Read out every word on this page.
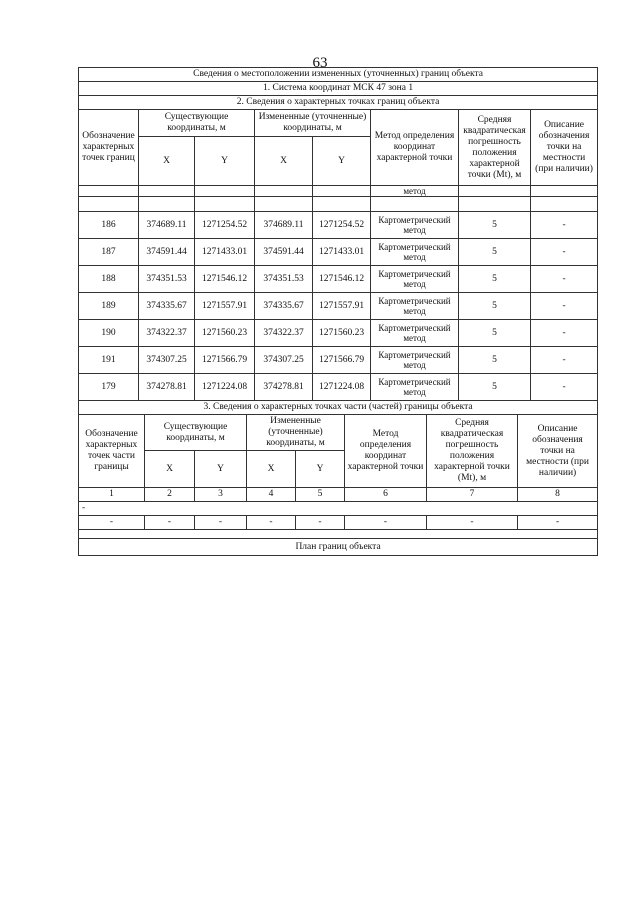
63
Сведения о местоположении измененных (уточненных) границ объекта							
1. Система координат МСК 47 зона 1							
2. Сведения о характерных точках границ объекта							
Обозначение характерных точек границ	Существующие координаты, м		Измененные (уточненные) координаты, м		Метод определения координат характерной точки	Средняя квадратическая погрешность положения характерной точки (Mt), м	Описание обозначения точки на местности (при наличии)
	X	Y	X	Y			
					метод		

186	374689.11	1271254.52	374689.11	1271254.52	Картометрический метод	5	-
187	374591.44	1271433.01	374591.44	1271433.01	Картометрический метод	5	-
188	374351.53	1271546.12	374351.53	1271546.12	Картометрический метод	5	-
189	374335.67	1271557.91	374335.67	1271557.91	Картометрический метод	5	-
190	374322.37	1271560.23	374322.37	1271560.23	Картометрический метод	5	-
191	374307.25	1271566.79	374307.25	1271566.79	Картометрический метод	5	-
179	374278.81	1271224.08	374278.81	1271224.08	Картометрический метод	5	-
3. Сведения о характерных точках части (частей) границы объекта							
Обозначение характерных точек части границы	Существующие координаты, м		Измененные (уточненные) координаты, м		Метод определения координат характерной точки	Средняя квадратическая погрешность положения характерной точки (Mt), м	Описание обозначения точки на местности (при наличии)
	X	Y	X	Y			
1	2	3	4	5	6	7	8
-							
-	-	-	-	-	-	-	-

План границ объекта							
